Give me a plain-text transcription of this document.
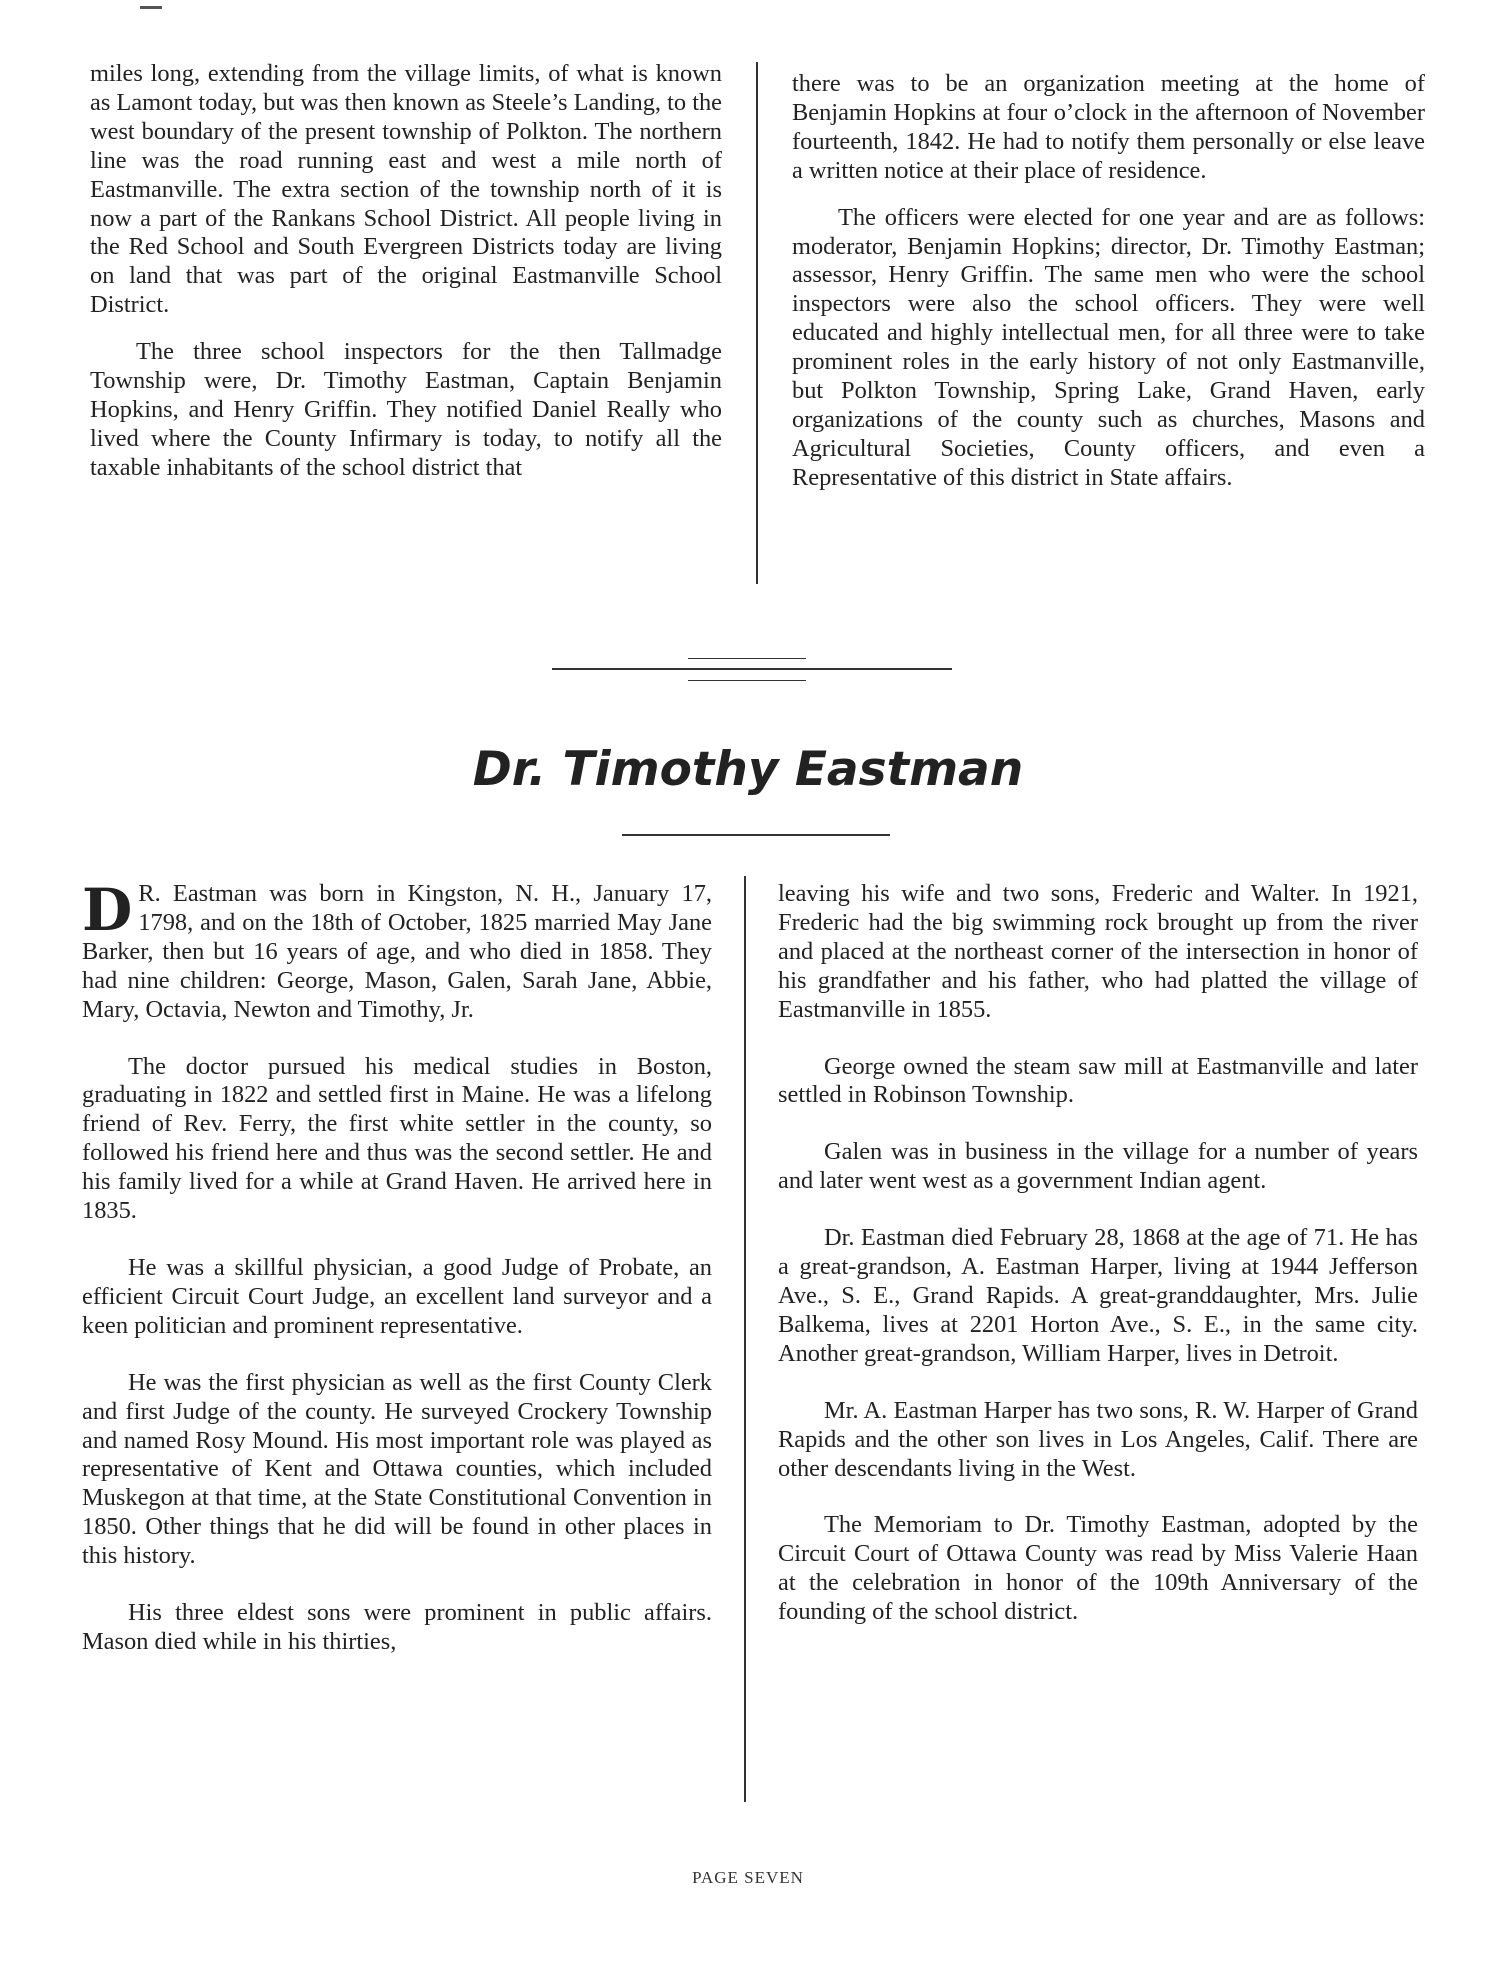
miles long, extending from the village limits, of what is known as Lamont today, but was then known as Steele’s Landing, to the west boundary of the present township of Polkton. The northern line was the road running east and west a mile north of Eastmanville. The extra section of the township north of it is now a part of the Rankans School District. All people living in the Red School and South Evergreen Districts today are living on land that was part of the original Eastmanville School District.

The three school inspectors for the then Tallmadge Township were, Dr. Timothy Eastman, Captain Benjamin Hopkins, and Henry Griffin. They notified Daniel Really who lived where the County Infirmary is today, to notify all the taxable inhabitants of the school district that

there was to be an organization meeting at the home of Benjamin Hopkins at four o’clock in the afternoon of November fourteenth, 1842. He had to notify them personally or else leave a written notice at their place of residence.

The officers were elected for one year and are as follows: moderator, Benjamin Hopkins; director, Dr. Timothy Eastman; assessor, Henry Griffin. The same men who were the school inspectors were also the school officers. They were well educated and highly intellectual men, for all three were to take prominent roles in the early history of not only Eastmanville, but Polkton Township, Spring Lake, Grand Haven, early organizations of the county such as churches, Masons and Agricultural Societies, County officers, and even a Representative of this district in State affairs.

Dr. Timothy Eastman

D R. Eastman was born in Kingston, N. H., January 17, 1798, and on the 18th of October, 1825 married May Jane Barker, then but 16 years of age, and who died in 1858. They had nine children: George, Mason, Galen, Sarah Jane, Abbie, Mary, Octavia, Newton and Timothy, Jr.

The doctor pursued his medical studies in Boston, graduating in 1822 and settled first in Maine. He was a lifelong friend of Rev. Ferry, the first white settler in the county, so followed his friend here and thus was the second settler. He and his family lived for a while at Grand Haven. He arrived here in 1835.

He was a skillful physician, a good Judge of Probate, an efficient Circuit Court Judge, an excellent land surveyor and a keen politician and prominent representative.

He was the first physician as well as the first County Clerk and first Judge of the county. He surveyed Crockery Township and named Rosy Mound. His most important role was played as representative of Kent and Ottawa counties, which included Muskegon at that time, at the State Constitutional Convention in 1850. Other things that he did will be found in other places in this history.

His three eldest sons were prominent in public affairs. Mason died while in his thirties,

leaving his wife and two sons, Frederic and Walter. In 1921, Frederic had the big swimming rock brought up from the river and placed at the northeast corner of the intersection in honor of his grandfather and his father, who had platted the village of Eastmanville in 1855.

George owned the steam saw mill at Eastmanville and later settled in Robinson Township.

Galen was in business in the village for a number of years and later went west as a government Indian agent.

Dr. Eastman died February 28, 1868 at the age of 71. He has a great-grandson, A. Eastman Harper, living at 1944 Jefferson Ave., S. E., Grand Rapids. A great-granddaughter, Mrs. Julie Balkema, lives at 2201 Horton Ave., S. E., in the same city. Another great-grandson, William Harper, lives in Detroit.

Mr. A. Eastman Harper has two sons, R. W. Harper of Grand Rapids and the other son lives in Los Angeles, Calif. There are other descendants living in the West.

The Memoriam to Dr. Timothy Eastman, adopted by the Circuit Court of Ottawa County was read by Miss Valerie Haan at the celebration in honor of the 109th Anniversary of the founding of the school district.

PAGE SEVEN
